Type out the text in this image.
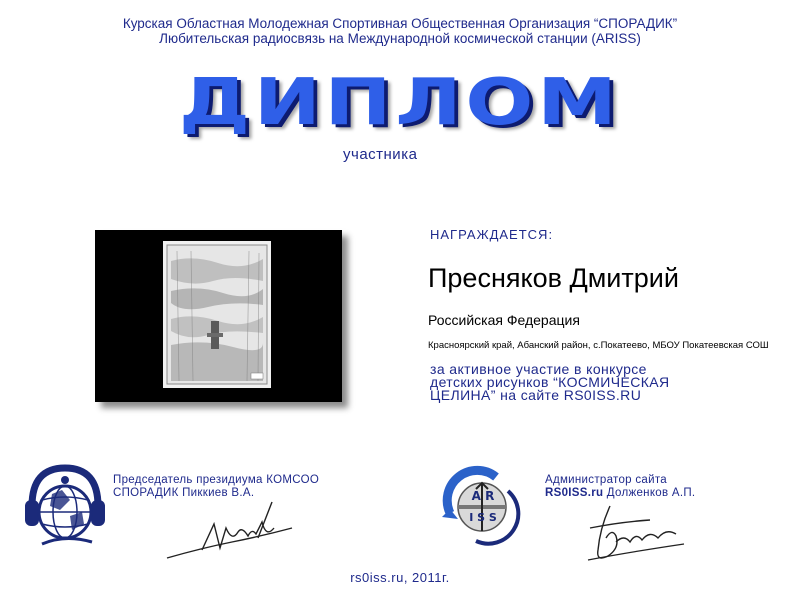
Курская Областная Молодежная Спортивная Общественная Организация “СПОРАДИК”
Любительская радиосвязь на Международной космической станции (ARISS)
ДИПЛОМ
участника
НАГРАЖДАЕТСЯ:
Пресняков Дмитрий
Российская Федерация
Красноярский край, Абанский район, с.Покатеево, МБОУ Покатеевская СОШ
за активное участие в конкурсе
детских рисунков “КОСМИЧЕСКАЯ
ЦЕЛИНА” на сайте RS0ISS.RU
Председатель президиума КОМСОО
СПОРАДИК Пиккиев В.А.	A R
I S S
Администратор сайта
RS0ISS.ru Долженков А.П.
rs0iss.ru, 2011г.
